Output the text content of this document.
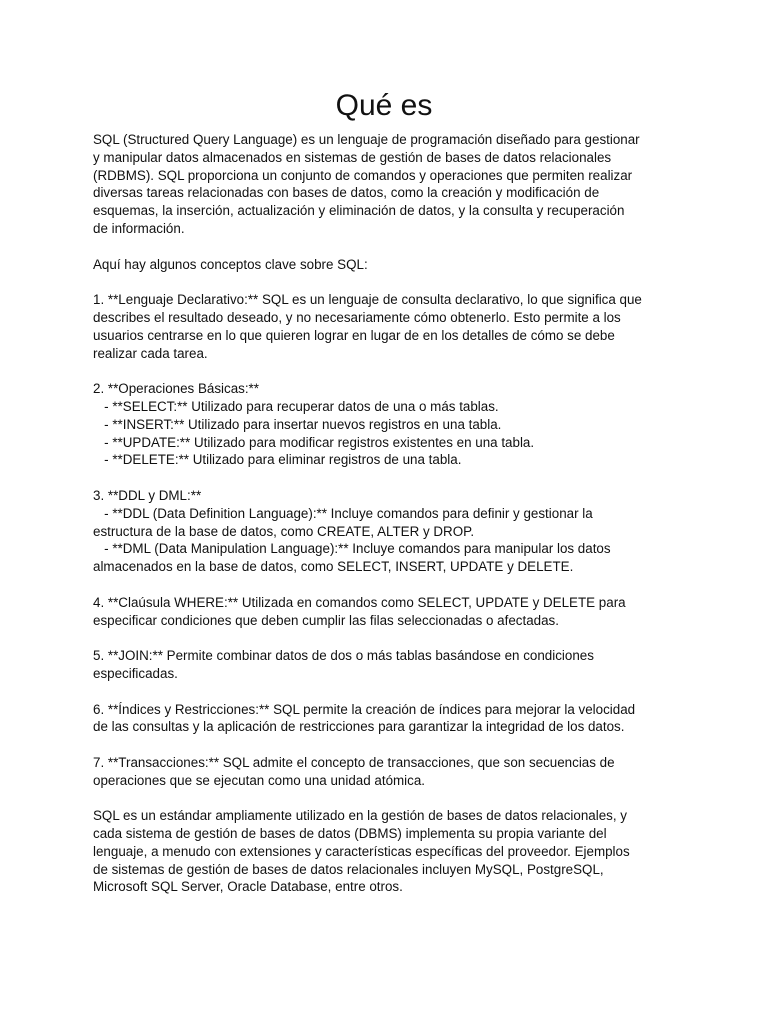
Qué es
SQL (Structured Query Language) es un lenguaje de programación diseñado para gestionar
y manipular datos almacenados en sistemas de gestión de bases de datos relacionales
(RDBMS). SQL proporciona un conjunto de comandos y operaciones que permiten realizar
diversas tareas relacionadas con bases de datos, como la creación y modificación de
esquemas, la inserción, actualización y eliminación de datos, y la consulta y recuperación
de información.
Aquí hay algunos conceptos clave sobre SQL:
1. **Lenguaje Declarativo:** SQL es un lenguaje de consulta declarativo, lo que significa que
describes el resultado deseado, y no necesariamente cómo obtenerlo. Esto permite a los
usuarios centrarse en lo que quieren lograr en lugar de en los detalles de cómo se debe
realizar cada tarea.
2. **Operaciones Básicas:**
- **SELECT:** Utilizado para recuperar datos de una o más tablas.
- **INSERT:** Utilizado para insertar nuevos registros en una tabla.
- **UPDATE:** Utilizado para modificar registros existentes en una tabla.
- **DELETE:** Utilizado para eliminar registros de una tabla.
3. **DDL y DML:**
- **DDL (Data Definition Language):** Incluye comandos para definir y gestionar la
estructura de la base de datos, como CREATE, ALTER y DROP.
- **DML (Data Manipulation Language):** Incluye comandos para manipular los datos
almacenados en la base de datos, como SELECT, INSERT, UPDATE y DELETE.
4. **Claúsula WHERE:** Utilizada en comandos como SELECT, UPDATE y DELETE para
especificar condiciones que deben cumplir las filas seleccionadas o afectadas.
5. **JOIN:** Permite combinar datos de dos o más tablas basándose en condiciones
especificadas.
6. **Índices y Restricciones:** SQL permite la creación de índices para mejorar la velocidad
de las consultas y la aplicación de restricciones para garantizar la integridad de los datos.
7. **Transacciones:** SQL admite el concepto de transacciones, que son secuencias de
operaciones que se ejecutan como una unidad atómica.
SQL es un estándar ampliamente utilizado en la gestión de bases de datos relacionales, y
cada sistema de gestión de bases de datos (DBMS) implementa su propia variante del
lenguaje, a menudo con extensiones y características específicas del proveedor. Ejemplos
de sistemas de gestión de bases de datos relacionales incluyen MySQL, PostgreSQL,
Microsoft SQL Server, Oracle Database, entre otros.
